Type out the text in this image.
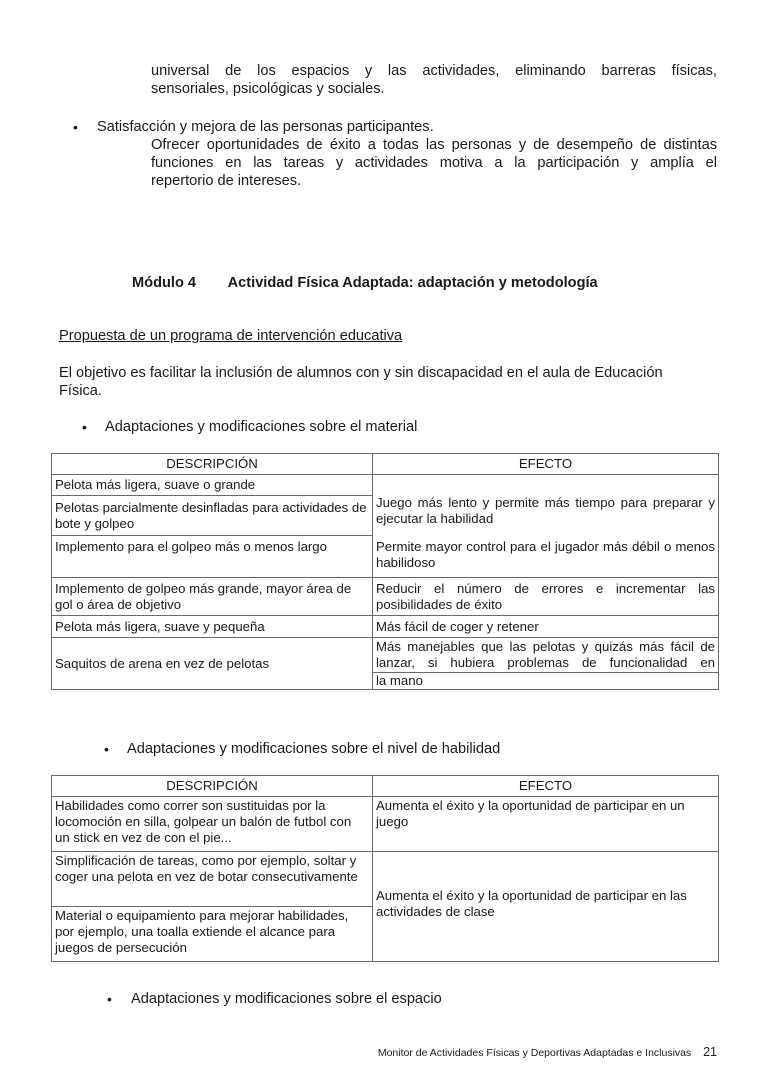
universal de los espacios y las actividades, eliminando barreras físicas,
sensoriales, psicológicas y sociales.
• Satisfacción y mejora de las personas participantes.
Ofrecer oportunidades de éxito a todas las personas y de desempeño de distintas
funciones en las tareas y actividades motiva a la participación y amplía el
repertorio de intereses.
Módulo 4 Actividad Física Adaptada: adaptación y metodología
Propuesta de un programa de intervención educativa
El objetivo es facilitar la inclusión de alumnos con y sin discapacidad en el aula de Educación
Física.
• Adaptaciones y modificaciones sobre el material
DESCRIPCIÓN	EFECTO
Pelota más ligera, suave o grande	Juego más lento y permite más tiempo para preparar y ejecutar la habilidad
Pelotas parcialmente desinfladas para actividades de bote y golpeo	
Implemento para el golpeo más o menos largo	Permite mayor control para el jugador más débil o menos habilidoso
Implemento de golpeo más grande, mayor área de gol o área de objetivo	Reducir el número de errores e incrementar las posibilidades de éxito
Pelota más ligera, suave y pequeña	Más fácil de coger y retener
Saquitos de arena en vez de pelotas	Más manejables que las pelotas y quizás más fácil de lanzar, si hubiera problemas de funcionalidad en
	la mano
• Adaptaciones y modificaciones sobre el nivel de habilidad
DESCRIPCIÓN	EFECTO
Habilidades como correr son sustituidas por la locomoción en silla, golpear un balón de futbol con un stick en vez de con el pie...	Aumenta el éxito y la oportunidad de participar en un juego
Simplificación de tareas, como por ejemplo, soltar y coger una pelota en vez de botar consecutivamente	Aumenta el éxito y la oportunidad de participar en las actividades de clase
Material o equipamiento para mejorar habilidades, por ejemplo, una toalla extiende el alcance para juegos de persecución	
• Adaptaciones y modificaciones sobre el espacio
Monitor de Actividades Físicas y Deportivas Adaptadas e Inclusivas 21
